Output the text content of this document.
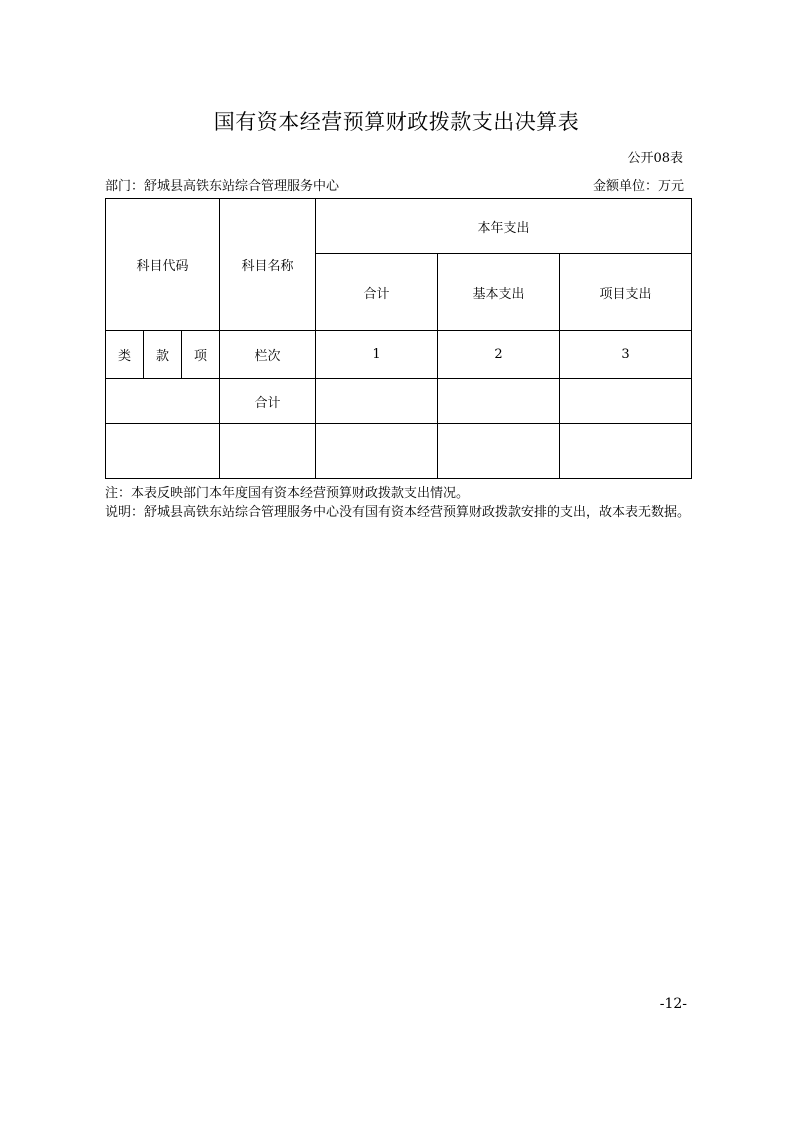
国有资本经营预算财政拨款支出决算表
公开08表
部门：舒城县高铁东站综合管理服务中心	金额单位：万元
科目代码			科目名称	本年支出		
				合计	基本支出	项目支出
类	款	项	栏次	1	2	3
			合计			

注：本表反映部门本年度国有资本经营预算财政拨款支出情况。

说明：舒城县高铁东站综合管理服务中心没有国有资本经营预算财政拨款安排的支出，故本表无数据。

-12-
